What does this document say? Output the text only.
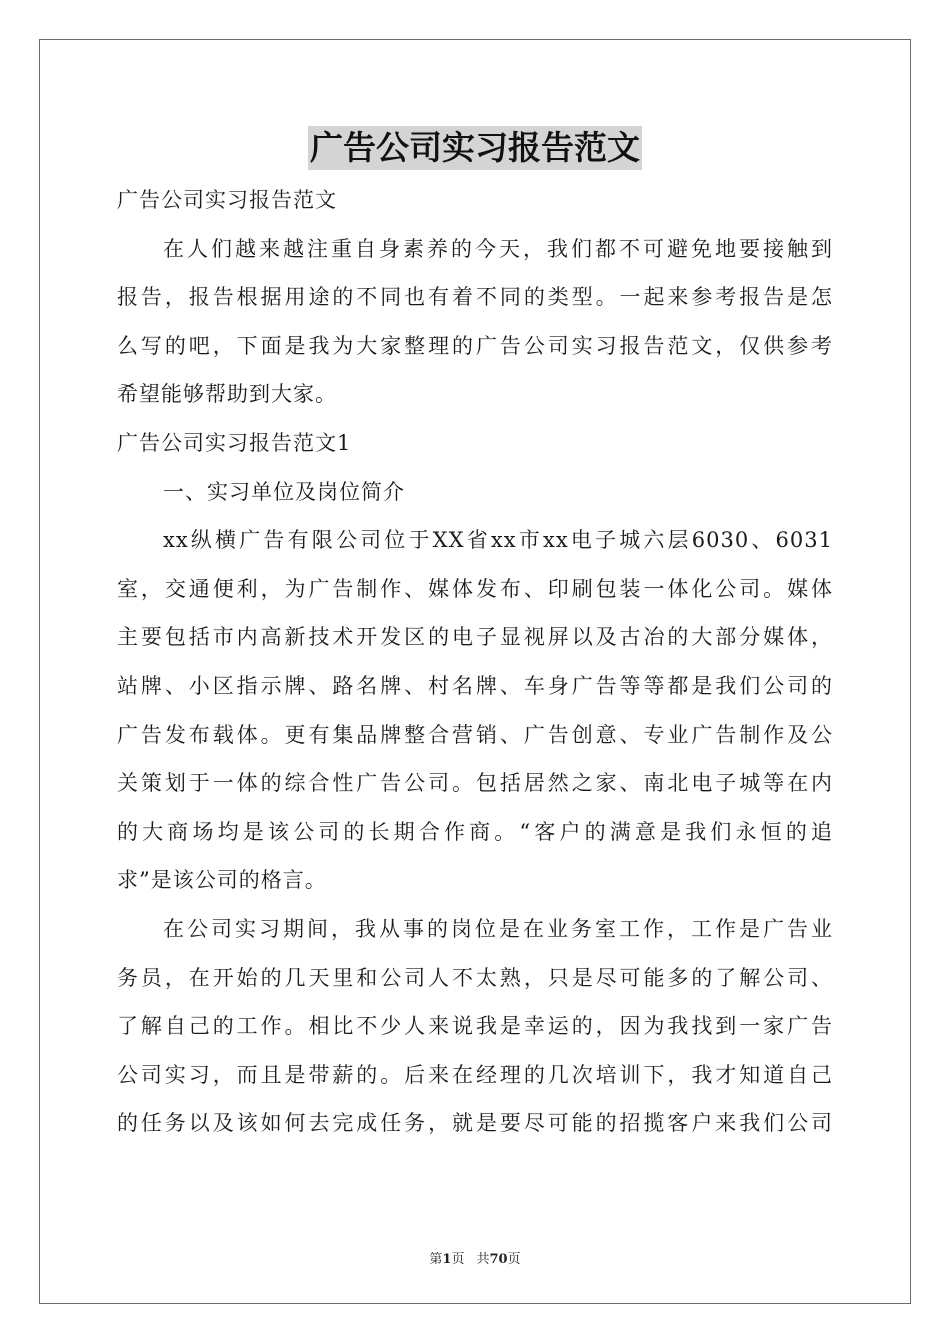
广告公司实习报告范文
广告公司实习报告范文
在人们越来越注重自身素养的今天，我们都不可避免地要接触到
报告，报告根据用途的不同也有着不同的类型。一起来参考报告是怎
么写的吧，下面是我为大家整理的广告公司实习报告范文，仅供参考
希望能够帮助到大家。
广告公司实习报告范文1
一、实习单位及岗位简介
xx纵横广告有限公司位于XX省xx市xx电子城六层6030、6031
室，交通便利，为广告制作、媒体发布、印刷包装一体化公司。媒体
主要包括市内高新技术开发区的电子显视屏以及古冶的大部分媒体，
站牌、小区指示牌、路名牌、村名牌、车身广告等等都是我们公司的
广告发布载体。更有集品牌整合营销、广告创意、专业广告制作及公
关策划于一体的综合性广告公司。包括居然之家、南北电子城等在内
的大商场均是该公司的长期合作商。“客户的满意是我们永恒的追
求”是该公司的格言。
在公司实习期间，我从事的岗位是在业务室工作，工作是广告业
务员，在开始的几天里和公司人不太熟，只是尽可能多的了解公司、
了解自己的工作。相比不少人来说我是幸运的，因为我找到一家广告
公司实习，而且是带薪的。后来在经理的几次培训下，我才知道自己
的任务以及该如何去完成任务，就是要尽可能的招揽客户来我们公司
第1页 共70页
